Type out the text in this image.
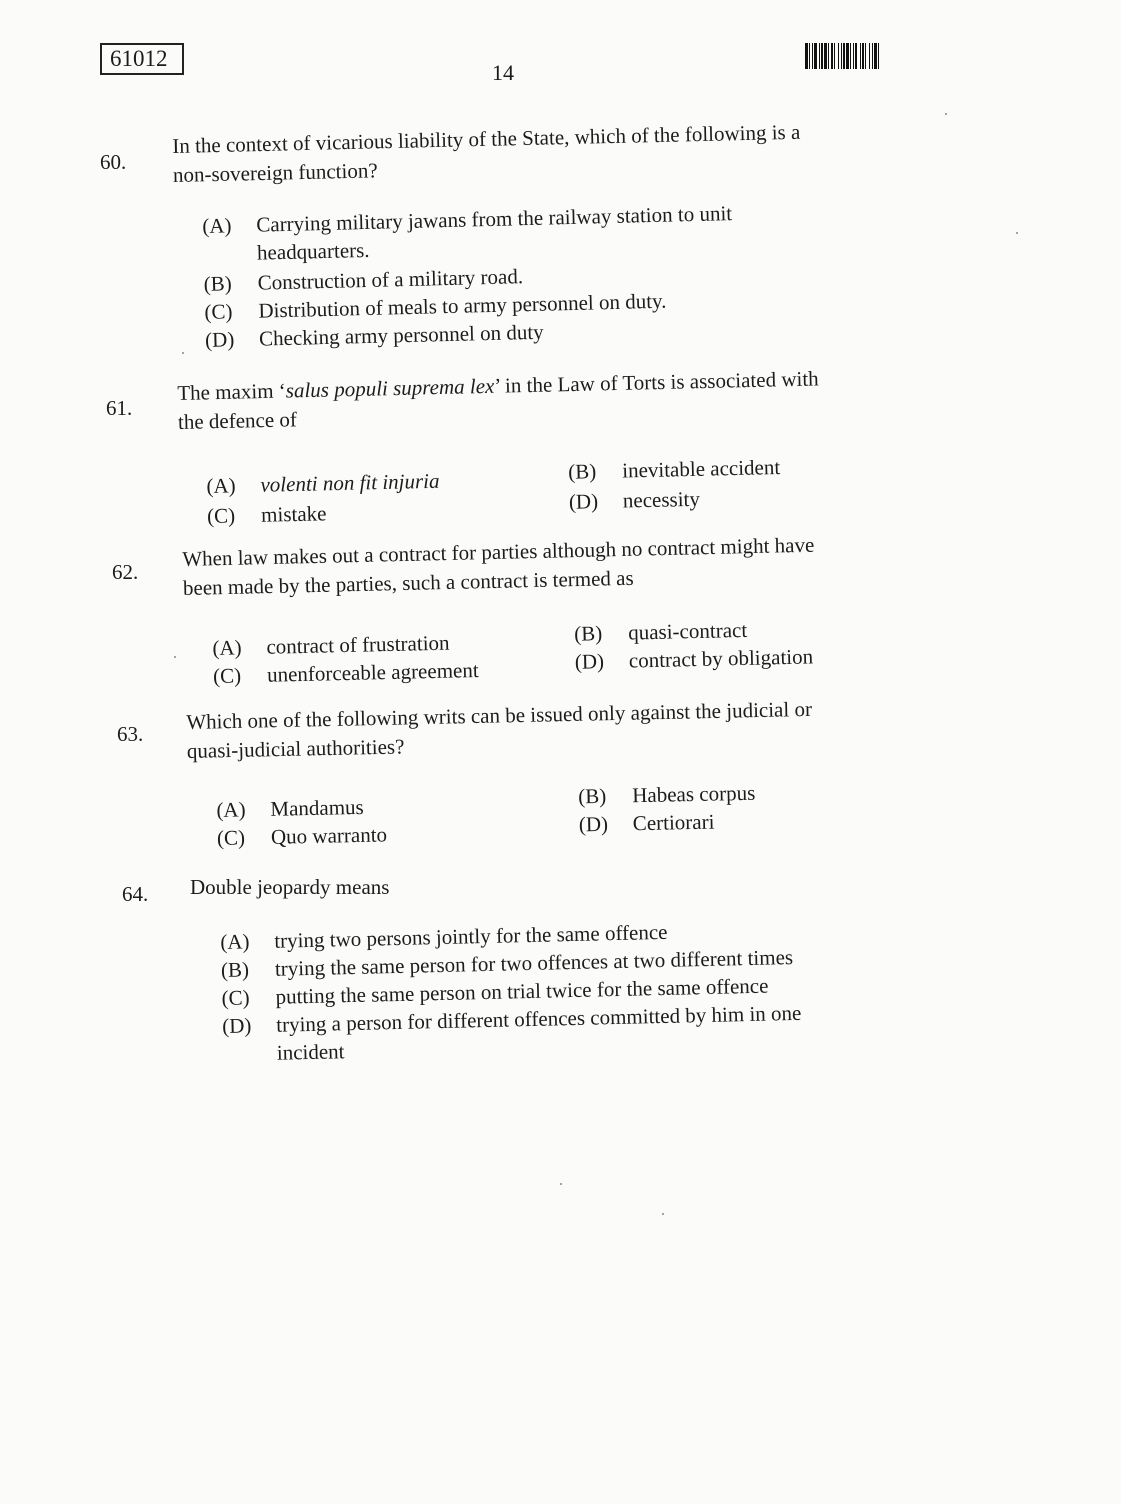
61012
14
60.
In the context of vicarious liability of the State, which of the following is a
non-sovereign function?
(A) Carrying military jawans from the railway station to unit
headquarters.
(B) Construction of a military road.
(C) Distribution of meals to army personnel on duty.
(D) Checking army personnel on duty
61.
The maxim ‘salus populi suprema lex’ in the Law of Torts is associated with
the defence of
(A) volenti non fit injuria	(B) inevitable accident
(C) mistake	(D) necessity
62.
When law makes out a contract for parties although no contract might have
been made by the parties, such a contract is termed as
(A) contract of frustration	(B) quasi-contract
(C) unenforceable agreement	(D) contract by obligation
63.
Which one of the following writs can be issued only against the judicial or
quasi-judicial authorities?
(A) Mandamus	(B) Habeas corpus
(C) Quo warranto	(D) Certiorari
64. Double jeopardy means
(A) trying two persons jointly for the same offence
(B) trying the same person for two offences at two different times
(C) putting the same person on trial twice for the same offence
(D) trying a person for different offences committed by him in one
incident
